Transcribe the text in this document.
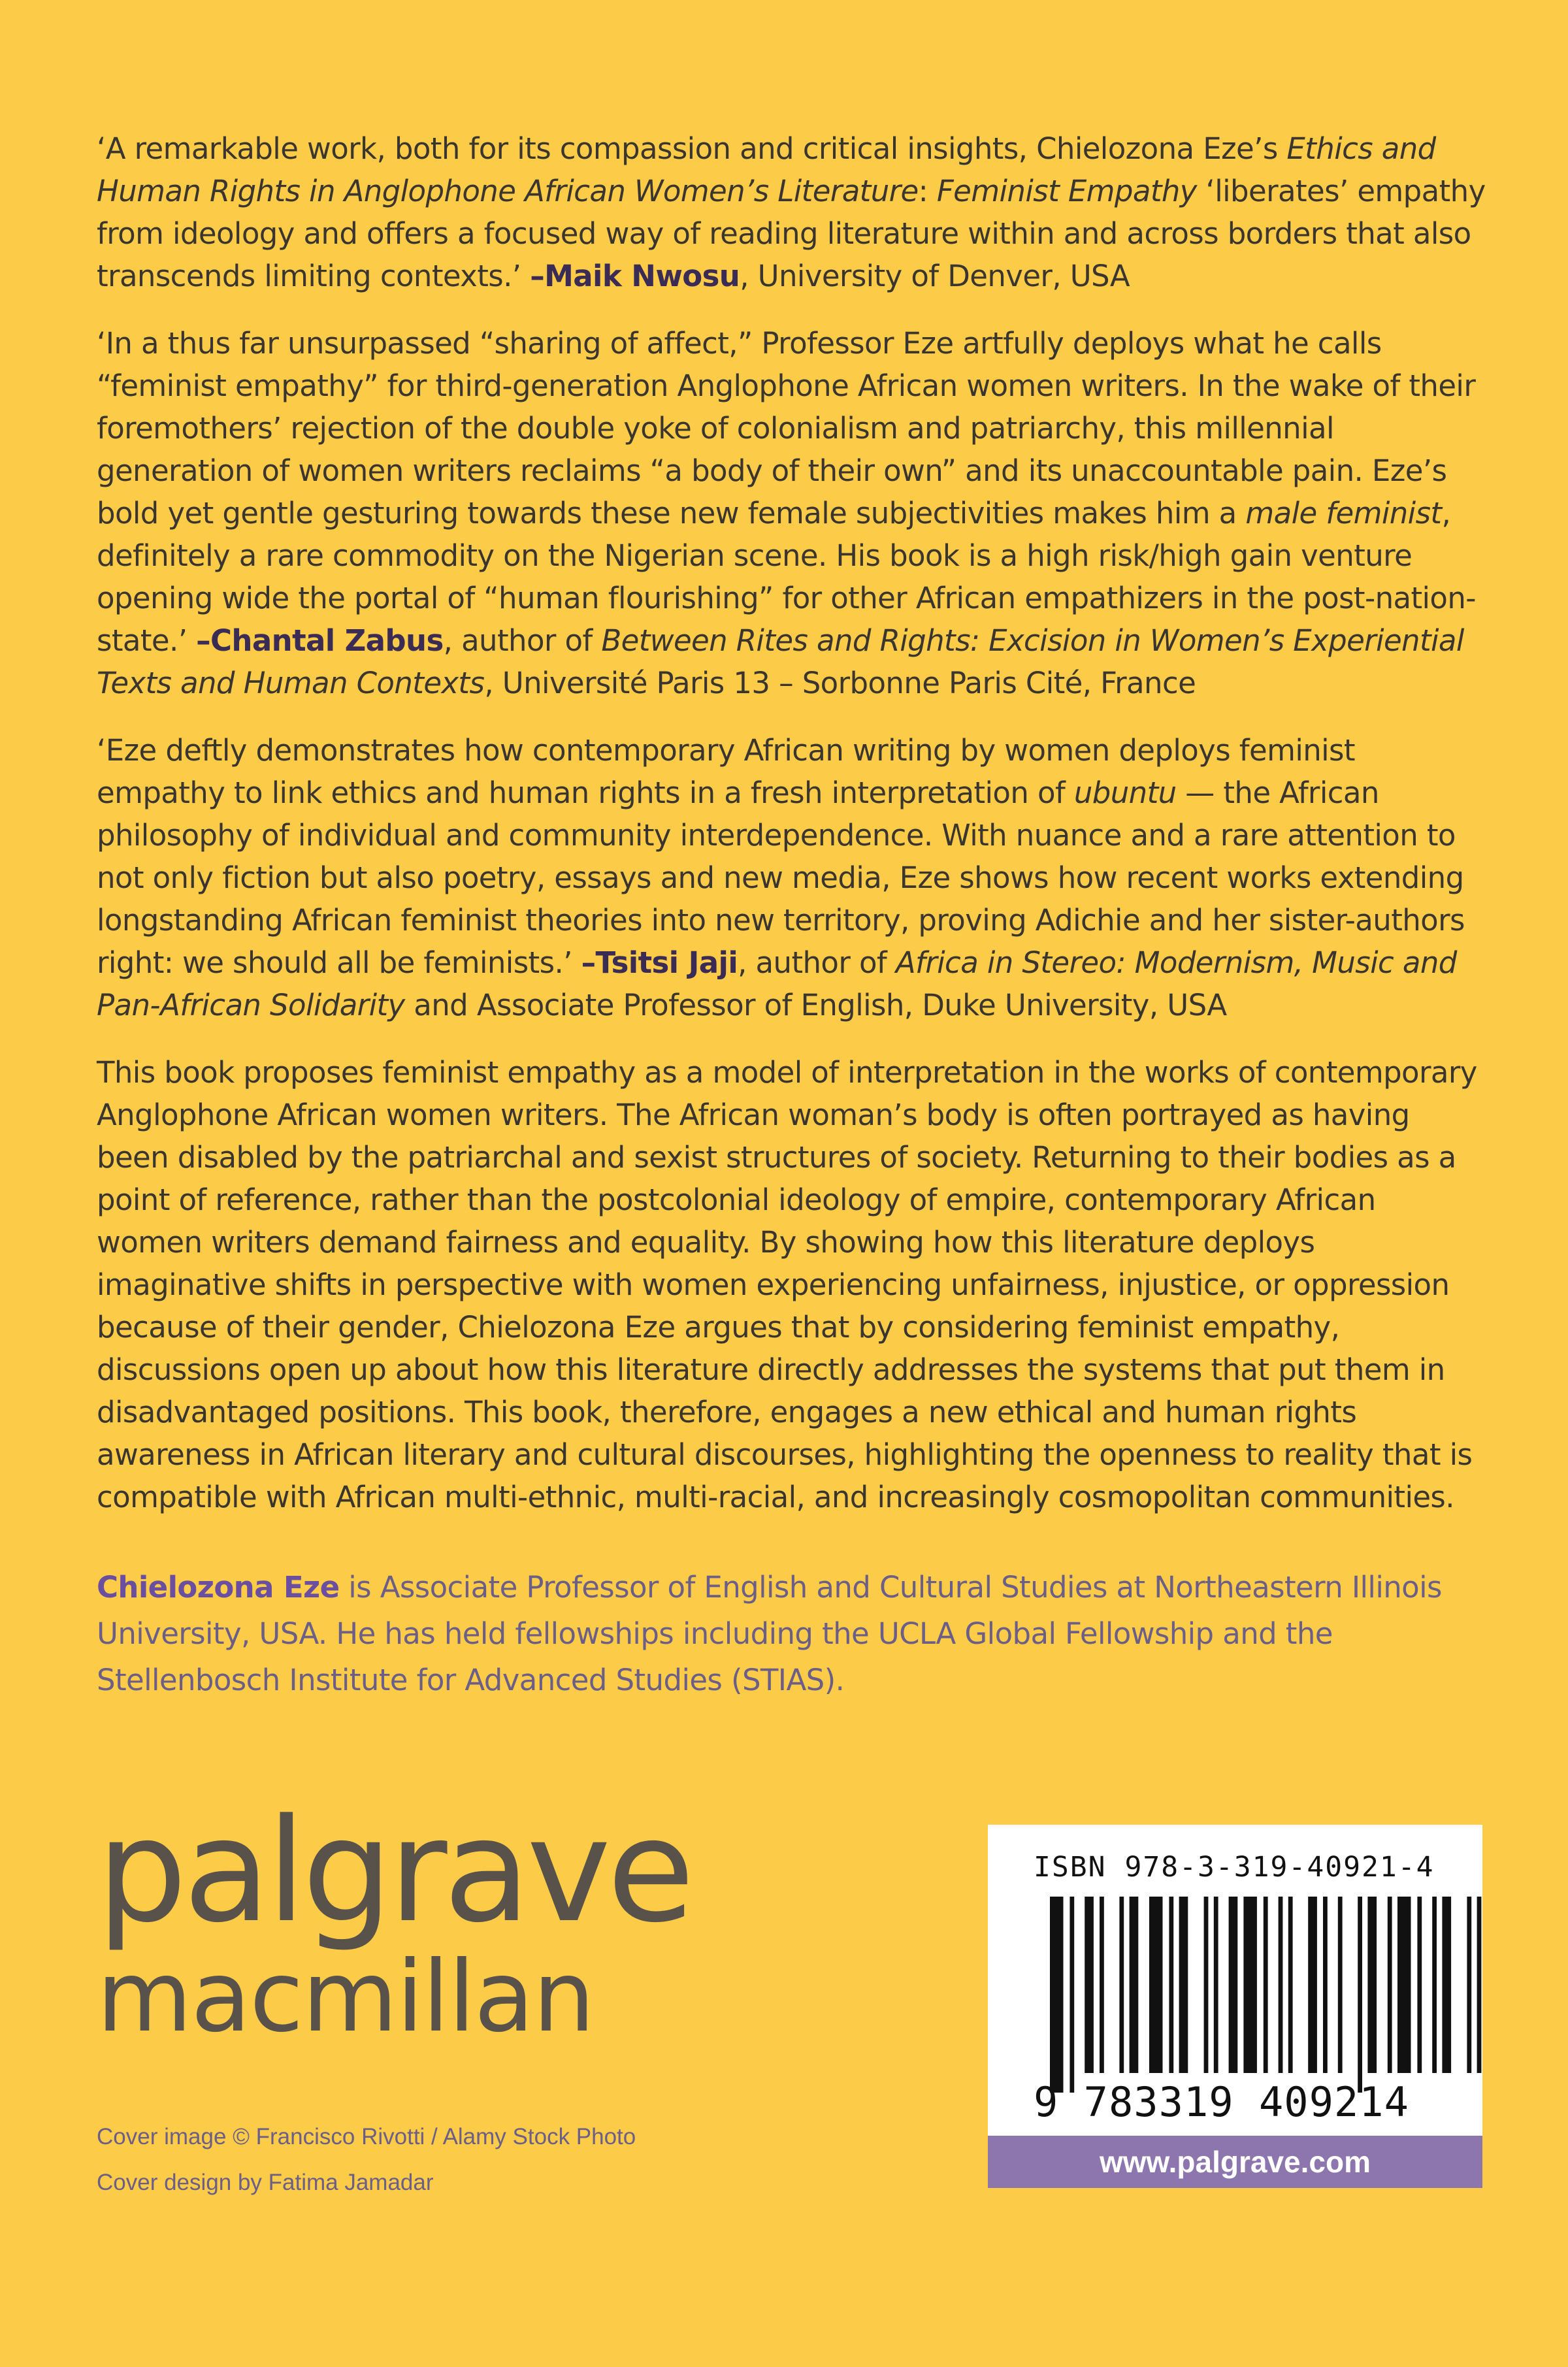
‘A remarkable work, both for its compassion and critical insights, Chielozona Eze’s Ethics and Human Rights in Anglophone African Women’s Literature: Feminist Empathy ‘liberates’ empathy from ideology and offers a focused way of reading literature within and across borders that also transcends limiting contexts.’ –Maik Nwosu, University of Denver, USA

‘In a thus far unsurpassed “sharing of affect,” Professor Eze artfully deploys what he calls “feminist empathy” for third-generation Anglophone African women writers. In the wake of their foremothers’ rejection of the double yoke of colonialism and patriarchy, this millennial generation of women writers reclaims “a body of their own” and its unaccountable pain. Eze’s bold yet gentle gesturing towards these new female subjectivities makes him a male feminist, definitely a rare commodity on the Nigerian scene. His book is a high risk/high gain venture opening wide the portal of “human flourishing” for other African empathizers in the post-nation-state.’ –Chantal Zabus, author of Between Rites and Rights: Excision in Women’s Experiential Texts and Human Contexts, Université Paris 13 – Sorbonne Paris Cité, France

‘Eze deftly demonstrates how contemporary African writing by women deploys feminist empathy to link ethics and human rights in a fresh interpretation of ubuntu — the African philosophy of individual and community interdependence. With nuance and a rare attention to not only fiction but also poetry, essays and new media, Eze shows how recent works extending longstanding African feminist theories into new territory, proving Adichie and her sister-authors right: we should all be feminists.’ –Tsitsi Jaji, author of Africa in Stereo: Modernism, Music and Pan-African Solidarity and Associate Professor of English, Duke University, USA

This book proposes feminist empathy as a model of interpretation in the works of contemporary Anglophone African women writers. The African woman’s body is often portrayed as having been disabled by the patriarchal and sexist structures of society. Returning to their bodies as a point of reference, rather than the postcolonial ideology of empire, contemporary African women writers demand fairness and equality. By showing how this literature deploys imaginative shifts in perspective with women experiencing unfairness, injustice, or oppression because of their gender, Chielozona Eze argues that by considering feminist empathy, discussions open up about how this literature directly addresses the systems that put them in disadvantaged positions. This book, therefore, engages a new ethical and human rights awareness in African literary and cultural discourses, highlighting the openness to reality that is compatible with African multi-ethnic, multi-racial, and increasingly cosmopolitan communities.

Chielozona Eze is Associate Professor of English and Cultural Studies at Northeastern Illinois University, USA. He has held fellowships including the UCLA Global Fellowship and the Stellenbosch Institute for Advanced Studies (STIAS).

palgrave
macmillan
Cover image © Francisco Rivotti / Alamy Stock Photo
Cover design by Fatima Jamadar
ISBN 978-3-319-40921-4
9 783319 409214
www.palgrave.com
